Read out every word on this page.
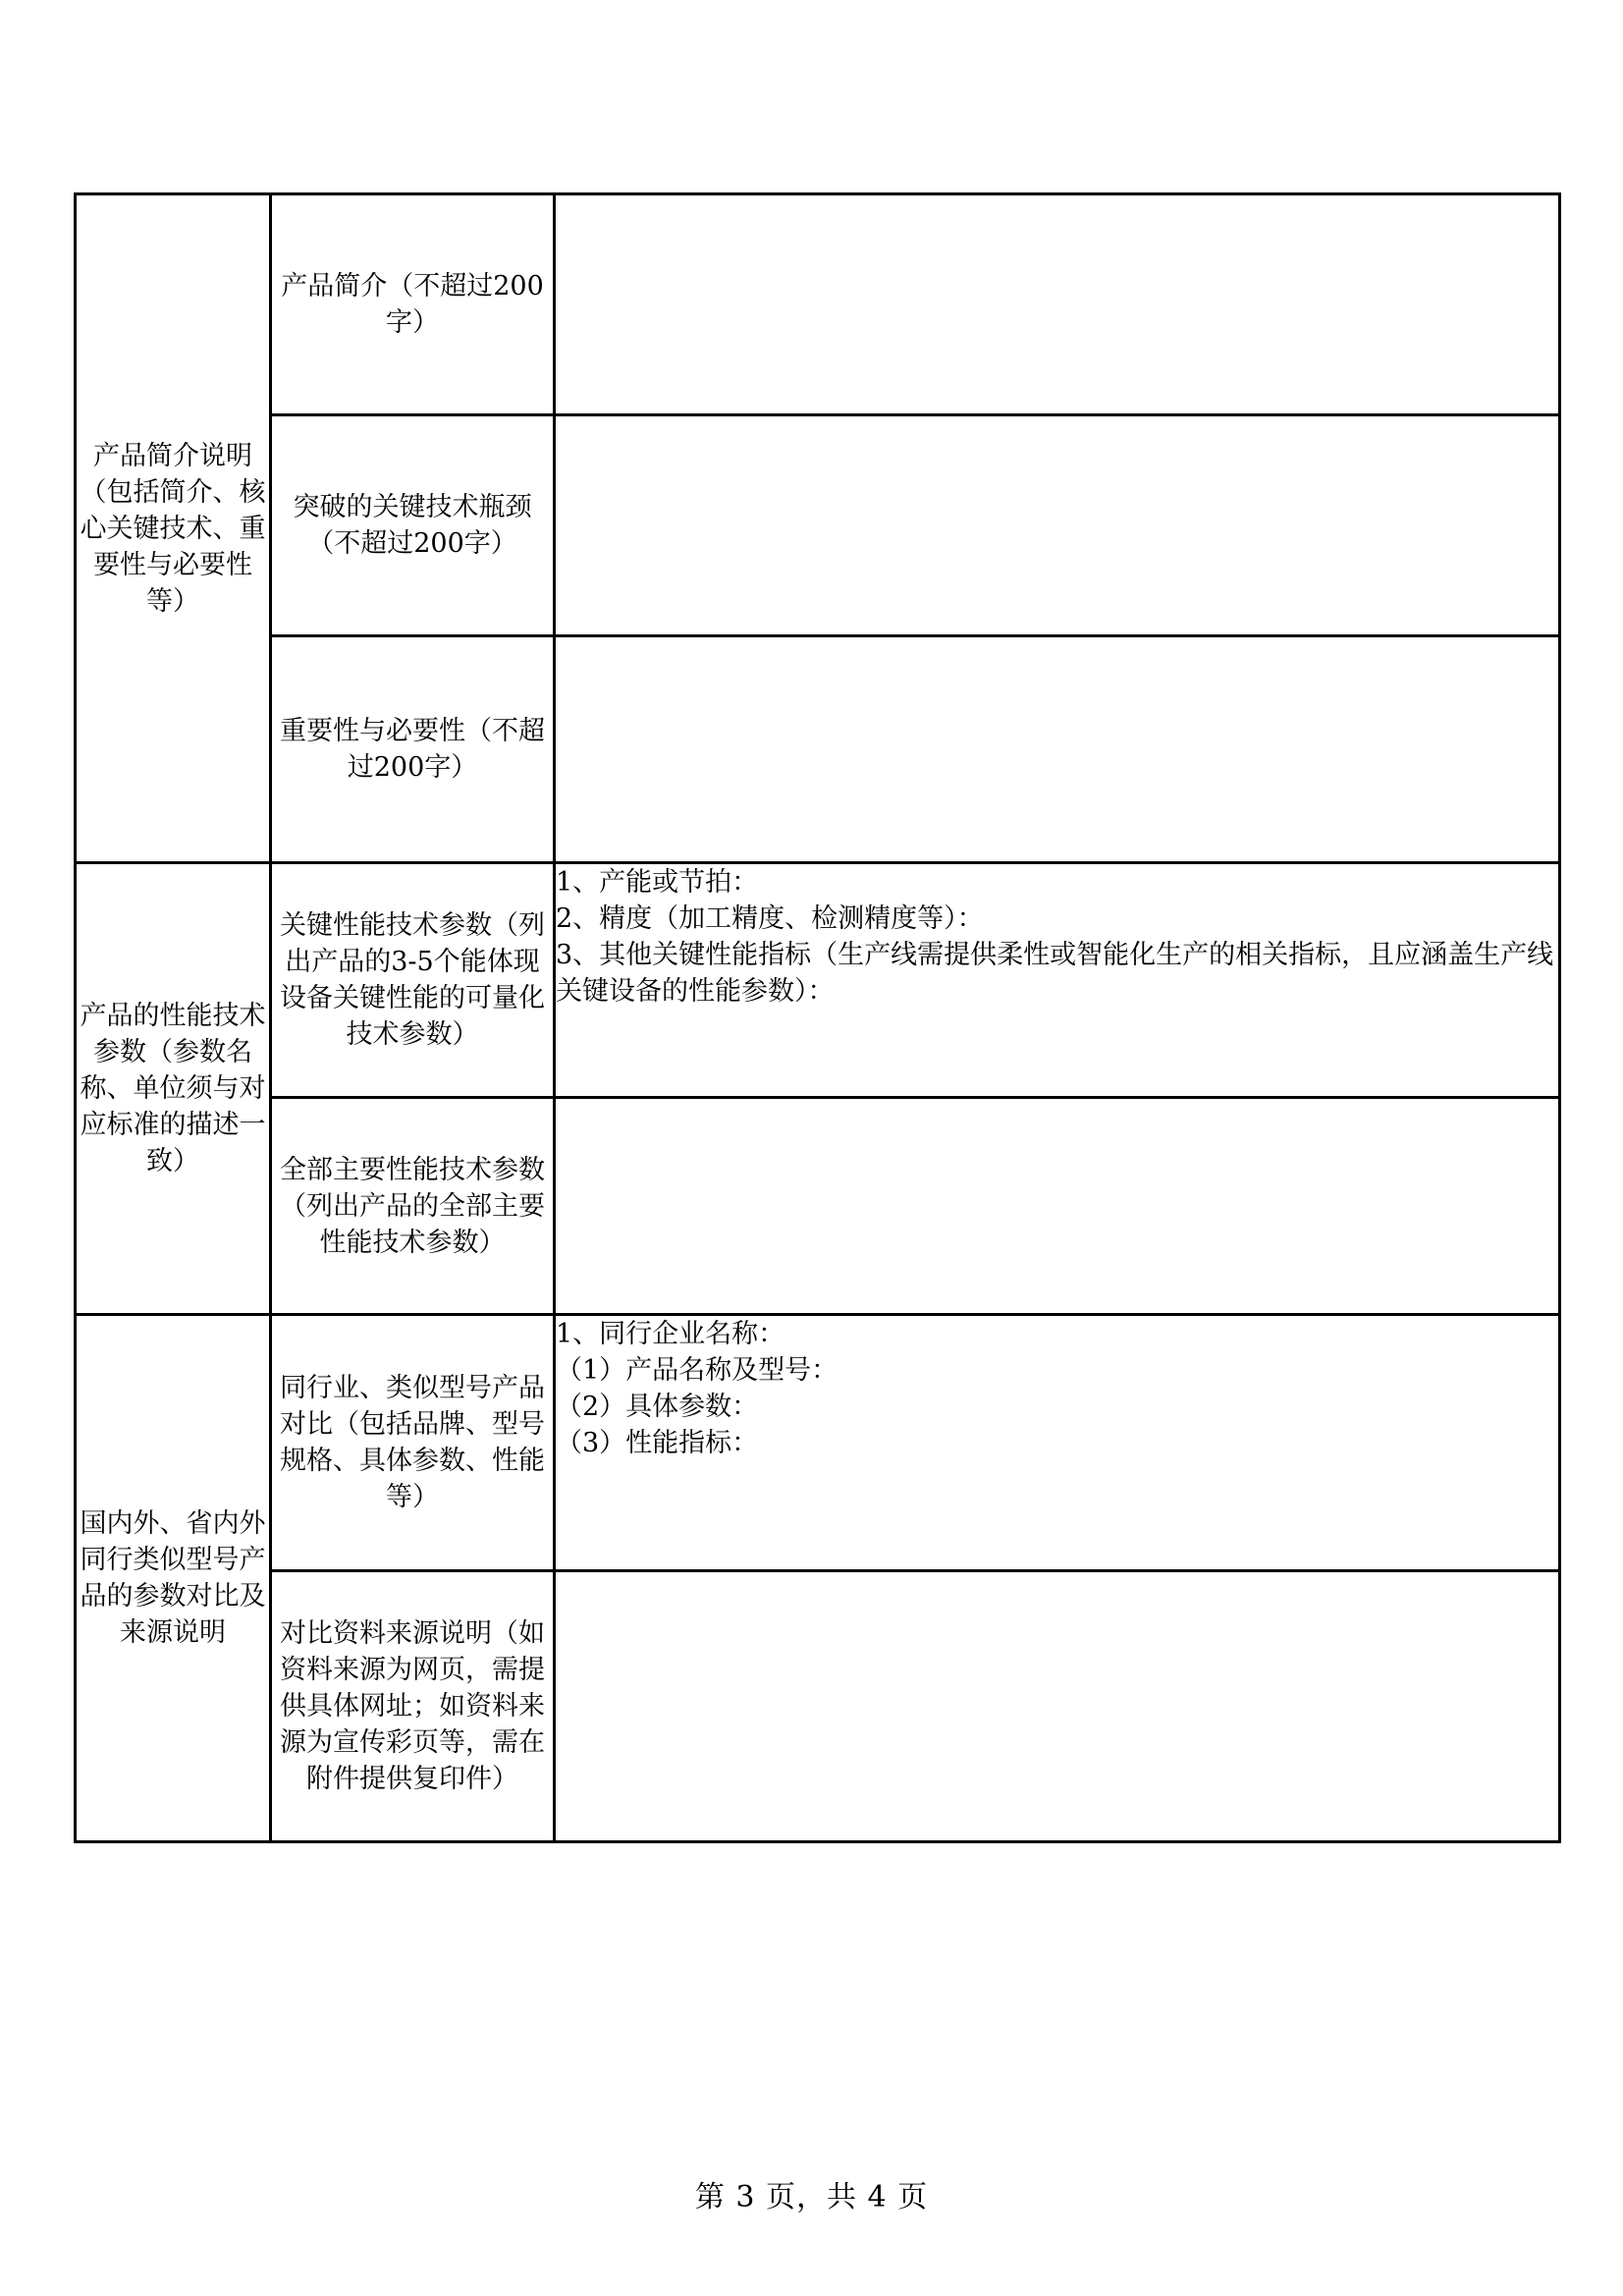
产品简介说明（包括简介、核心关键技术、重要性与必要性等）	产品简介（不超过200字）	
	突破的关键技术瓶颈（不超过200字）	
	重要性与必要性（不超过200字）	
产品的性能技术参数（参数名称、单位须与对应标准的描述一致）	关键性能技术参数（列出产品的3-5个能体现设备关键性能的可量化技术参数）	1、产能或节拍：
2、精度（加工精度、检测精度等）：
3、其他关键性能指标（生产线需提供柔性或智能化生产的相关指标，且应涵盖生产线关键设备的性能参数）：

	全部主要性能技术参数（列出产品的全部主要性能技术参数）	
国内外、省内外同行类似型号产品的参数对比及来源说明	同行业、类似型号产品对比（包括品牌、型号规格、具体参数、性能等）	1、同行企业名称：
（1）产品名称及型号：
（2）具体参数：
（3）性能指标：

	对比资料来源说明（如资料来源为网页，需提供具体网址；如资料来源为宣传彩页等，需在附件提供复印件）	
第 3 页，共 4 页
